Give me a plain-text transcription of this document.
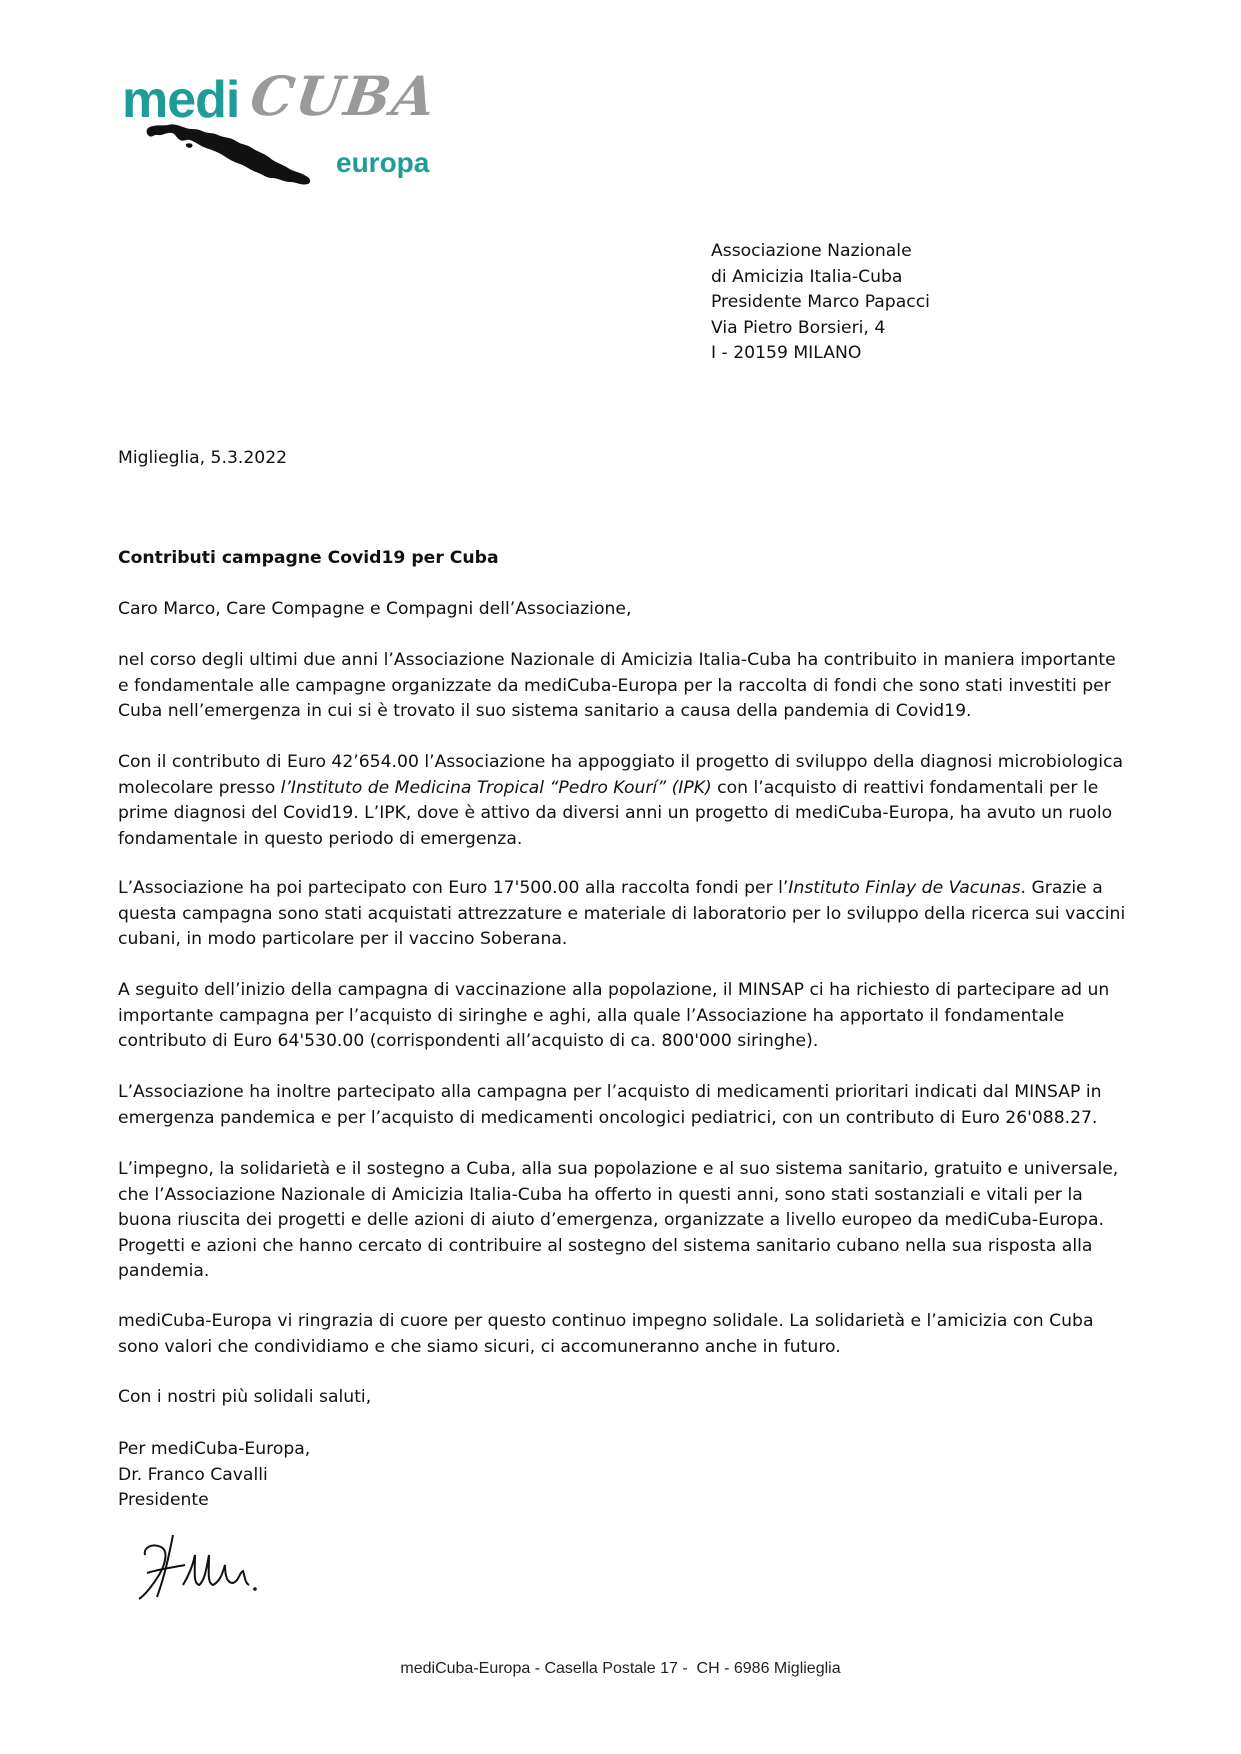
medi CUBA
europa
Associazione Nazionale
di Amicizia Italia-Cuba
Presidente Marco Papacci
Via Pietro Borsieri, 4
I - 20159 MILANO
Miglieglia, 5.3.2022
Contributi campagne Covid19 per Cuba
Caro Marco, Care Compagne e Compagni dell’Associazione,

nel corso degli ultimi due anni l’Associazione Nazionale di Amicizia Italia-Cuba ha contribuito in maniera importante e fondamentale alle campagne organizzate da mediCuba-Europa per la raccolta di fondi che sono stati investiti per Cuba nell’emergenza in cui si è trovato il suo sistema sanitario a causa della pandemia di Covid19.

Con il contributo di Euro 42’654.00 l’Associazione ha appoggiato il progetto di sviluppo della diagnosi microbiologica molecolare presso l’Instituto de Medicina Tropical “Pedro Kourí” (IPK) con l’acquisto di reattivi fondamentali per le prime diagnosi del Covid19. L’IPK, dove è attivo da diversi anni un progetto di mediCuba-Europa, ha avuto un ruolo fondamentale in questo periodo di emergenza.

L’Associazione ha poi partecipato con Euro 17'500.00 alla raccolta fondi per l’Instituto Finlay de Vacunas. Grazie a questa campagna sono stati acquistati attrezzature e materiale di laboratorio per lo sviluppo della ricerca sui vaccini cubani, in modo particolare per il vaccino Soberana.

A seguito dell’inizio della campagna di vaccinazione alla popolazione, il MINSAP ci ha richiesto di partecipare ad un importante campagna per l’acquisto di siringhe e aghi, alla quale l’Associazione ha apportato il fondamentale contributo di Euro 64'530.00 (corrispondenti all’acquisto di ca. 800'000 siringhe).

L’Associazione ha inoltre partecipato alla campagna per l’acquisto di medicamenti prioritari indicati dal MINSAP in emergenza pandemica e per l’acquisto di medicamenti oncologici pediatrici, con un contributo di Euro 26'088.27.

L’impegno, la solidarietà e il sostegno a Cuba, alla sua popolazione e al suo sistema sanitario, gratuito e universale, che l’Associazione Nazionale di Amicizia Italia-Cuba ha offerto in questi anni, sono stati sostanziali e vitali per la buona riuscita dei progetti e delle azioni di aiuto d’emergenza, organizzate a livello europeo da mediCuba-Europa. Progetti e azioni che hanno cercato di contribuire al sostegno del sistema sanitario cubano nella sua risposta alla pandemia.

mediCuba-Europa vi ringrazia di cuore per questo continuo impegno solidale. La solidarietà e l’amicizia con Cuba sono valori che condividiamo e che siamo sicuri, ci accomuneranno anche in futuro.

Con i nostri più solidali saluti,
Per mediCuba-Europa,
Dr. Franco Cavalli
Presidente
mediCuba-Europa - Casella Postale 17 -  CH - 6986 Miglieglia
